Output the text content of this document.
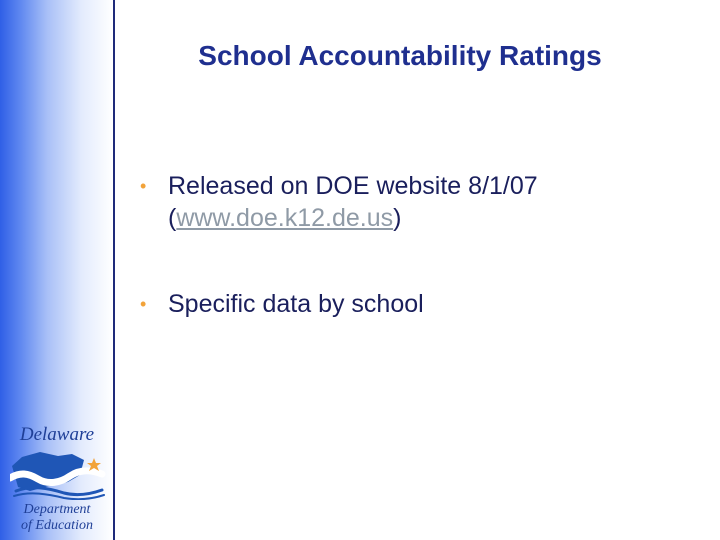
School Accountability Ratings
• Released on DOE website 8/1/07
(www.doe.k12.de.us)
• Specific data by school
Delaware
Department
of Education
